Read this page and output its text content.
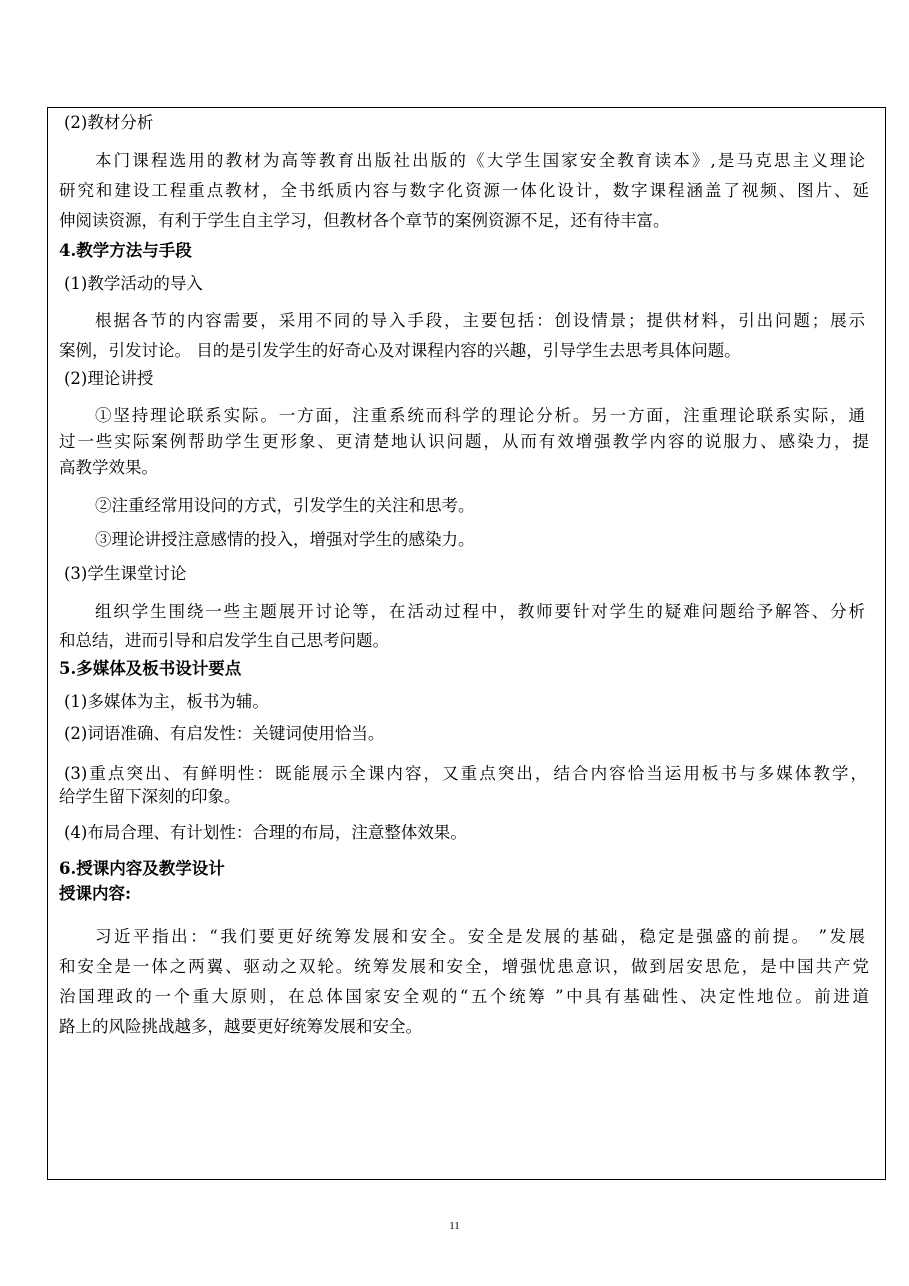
(2)教材分析

本门课程选用的教材为高等教育出版社出版的《大学生国家安全教育读本》,是马克思主义理论

研究和建设工程重点教材，全书纸质内容与数字化资源一体化设计，数字课程涵盖了视频、图片、延

伸阅读资源，有利于学生自主学习，但教材各个章节的案例资源不足，还有待丰富。

4.教学方法与手段

(1)教学活动的导入

根据各节的内容需要，采用不同的导入手段，主要包括：创设情景；提供材料，引出问题；展示

案例，引发讨论。 目的是引发学生的好奇心及对课程内容的兴趣，引导学生去思考具体问题。

(2)理论讲授

①坚持理论联系实际。一方面，注重系统而科学的理论分析。另一方面，注重理论联系实际，通

过一些实际案例帮助学生更形象、更清楚地认识问题，从而有效增强教学内容的说服力、感染力，提

高教学效果。

②注重经常用设问的方式，引发学生的关注和思考。

③理论讲授注意感情的投入，增强对学生的感染力。

(3)学生课堂讨论

组织学生围绕一些主题展开讨论等，在活动过程中，教师要针对学生的疑难问题给予解答、分析

和总结，进而引导和启发学生自己思考问题。

5.多媒体及板书设计要点

(1)多媒体为主，板书为辅。

(2)词语准确、有启发性：关键词使用恰当。

(3)重点突出、有鲜明性：既能展示全课内容，又重点突出，结合内容恰当运用板书与多媒体教学，

给学生留下深刻的印象。

(4)布局合理、有计划性：合理的布局，注意整体效果。

6.授课内容及教学设计

授课内容:

习近平指出：“我们要更好统筹发展和安全。安全是发展的基础，稳定是强盛的前提。 ”发展

和安全是一体之两翼、驱动之双轮。统筹发展和安全，增强忧患意识，做到居安思危，是中国共产党

治国理政的一个重大原则，在总体国家安全观的“五个统筹 ”中具有基础性、决定性地位。前进道

路上的风险挑战越多，越要更好统筹发展和安全。

11
